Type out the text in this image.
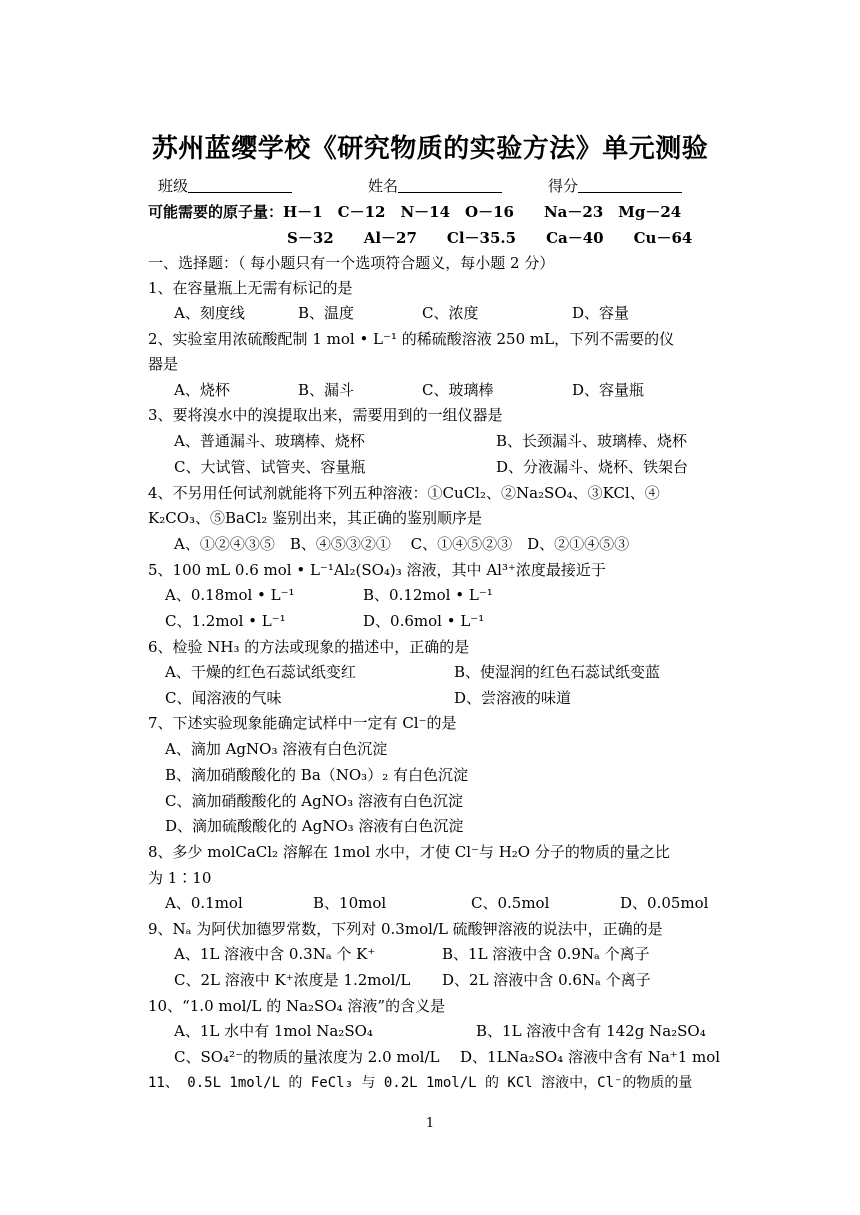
苏州蓝缨学校《研究物质的实验方法》单元测验
班级	姓名	得分
可能需要的原子量：H－1　C－12　N－14　O－16　　Na－23　Mg－24
S－32　　Al－27　　Cl－35.5　　Ca－40　　Cu－64
一、选择题：（ 每小题只有一个选项符合题义，每小题 2 分）
1、在容量瓶上无需有标记的是
A、刻度线	B、温度	C、浓度	D、容量
2、实验室用浓硫酸配制 1 mol • L⁻¹ 的稀硫酸溶液 250 mL，下列不需要的仪
器是
A、烧杯	B、漏斗	C、玻璃棒	D、容量瓶
3、要将溴水中的溴提取出来，需要用到的一组仪器是
A、普通漏斗、玻璃棒、烧杯	B、长颈漏斗、玻璃棒、烧杯
C、大试管、试管夹、容量瓶	D、分液漏斗、烧杯、铁架台
4、不另用任何试剂就能将下列五种溶液：①CuCl₂、②Na₂SO₄、③KCl、④
K₂CO₃、⑤BaCl₂ 鉴别出来，其正确的鉴别顺序是
A、①②④③⑤　B、④⑤③②①　 C、①④⑤②③　D、②①④⑤③
5、100 mL 0.6 mol • L⁻¹Al₂(SO₄)₃ 溶液，其中 Al³⁺浓度最接近于
A、0.18mol • L⁻¹	B、0.12mol • L⁻¹
C、1.2mol • L⁻¹	D、0.6mol • L⁻¹
6、检验 NH₃ 的方法或现象的描述中，正确的是
A、干燥的红色石蕊试纸变红	B、使湿润的红色石蕊试纸变蓝
C、闻溶液的气味	D、尝溶液的味道
7、下述实验现象能确定试样中一定有 Cl⁻的是
A、滴加 AgNO₃ 溶液有白色沉淀
B、滴加硝酸酸化的 Ba（NO₃）₂ 有白色沉淀
C、滴加硝酸酸化的 AgNO₃ 溶液有白色沉淀
D、滴加硫酸酸化的 AgNO₃ 溶液有白色沉淀
8、多少 molCaCl₂ 溶解在 1mol 水中，才使 Cl⁻与 H₂O 分子的物质的量之比
为 1∶10
A、0.1mol	B、10mol	C、0.5mol	D、0.05mol
9、Nₐ 为阿伏加德罗常数，下列对 0.3mol/L 硫酸钾溶液的说法中，正确的是
A、1L 溶液中含 0.3Nₐ 个 K⁺	B、1L 溶液中含 0.9Nₐ 个离子
C、2L 溶液中 K⁺浓度是 1.2mol/L D、2L 溶液中含 0.6Nₐ 个离子
10、“1.0 mol/L 的 Na₂SO₄ 溶液”的含义是
A、1L 水中有 1mol Na₂SO₄	B、1L 溶液中含有 142g Na₂SO₄
C、SO₄²⁻的物质的量浓度为 2.0 mol/L D、1LNa₂SO₄ 溶液中含有 Na⁺1 mol
11、 0.5L 1mol/L 的 FeCl₃ 与 0.2L 1mol/L 的 KCl 溶液中，Cl⁻的物质的量
1
